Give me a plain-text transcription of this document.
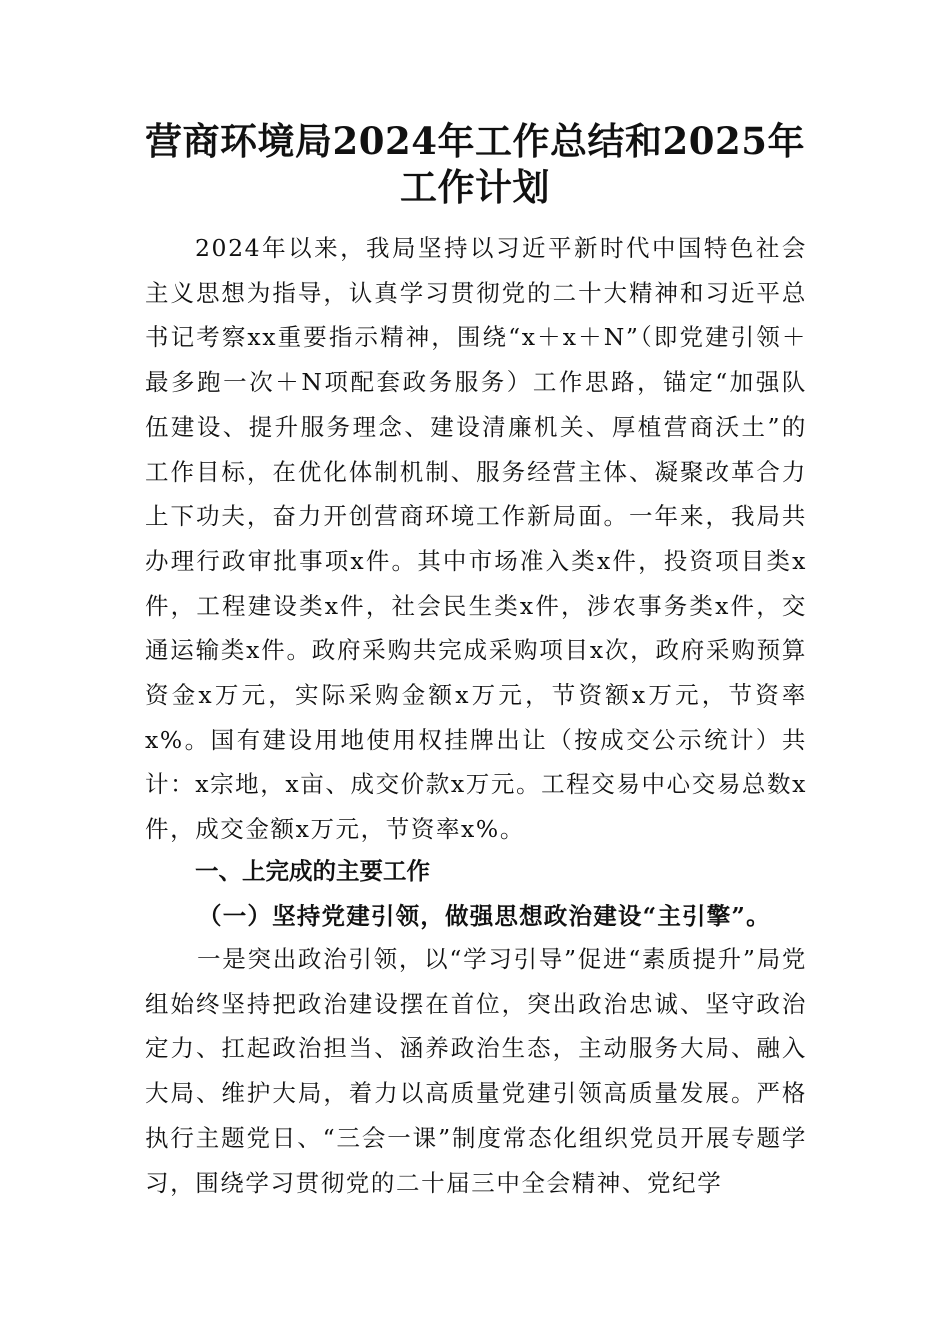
营商环境局2024年工作总结和2025年工作计划

2024年以来，我局坚持以习近平新时代中国特色社会主义思想为指导，认真学习贯彻党的二十大精神和习近平总书记考察xx重要指示精神，围绕“x＋x＋N”（即党建引领＋最多跑一次＋N项配套政务服务）工作思路，锚定“加强队伍建设、提升服务理念、建设清廉机关、厚植营商沃土”的工作目标，在优化体制机制、服务经营主体、凝聚改革合力上下功夫，奋力开创营商环境工作新局面。一年来，我局共办理行政审批事项x件。其中市场准入类x件，投资项目类x件，工程建设类x件，社会民生类x件，涉农事务类x件，交通运输类x件。政府采购共完成采购项目x次，政府采购预算资金x万元，实际采购金额x万元，节资额x万元，节资率x%。国有建设用地使用权挂牌出让（按成交公示统计）共计：x宗地，x亩、成交价款x万元。工程交易中心交易总数x件，成交金额x万元，节资率x%。

一、上完成的主要工作
（一）坚持党建引领，做强思想政治建设“主引擎”。

一是突出政治引领，以“学习引导”促进“素质提升”局党组始终坚持把政治建设摆在首位，突出政治忠诚、坚守政治定力、扛起政治担当、涵养政治生态，主动服务大局、融入大局、维护大局，着力以高质量党建引领高质量发展。严格执行主题党日、“三会一课”制度常态化组织党员开展专题学习，围绕学习贯彻党的二十届三中全会精神、党纪学
